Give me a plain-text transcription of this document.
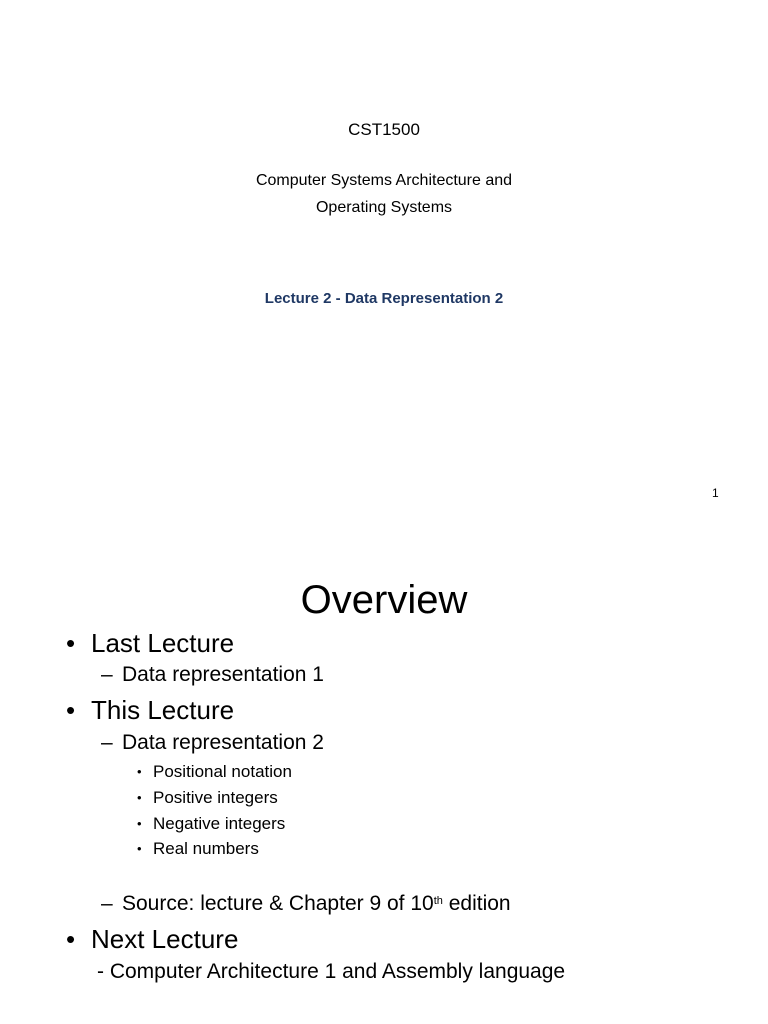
CST1500
Computer Systems Architecture and
Operating Systems
Lecture 2 - Data Representation 2
1
Overview
• Last Lecture
– Data representation 1
• This Lecture
– Data representation 2
• Positional notation
• Positive integers
• Negative integers
• Real numbers
– Source: lecture & Chapter 9 of 10th edition
• Next Lecture
- Computer Architecture 1 and Assembly language
